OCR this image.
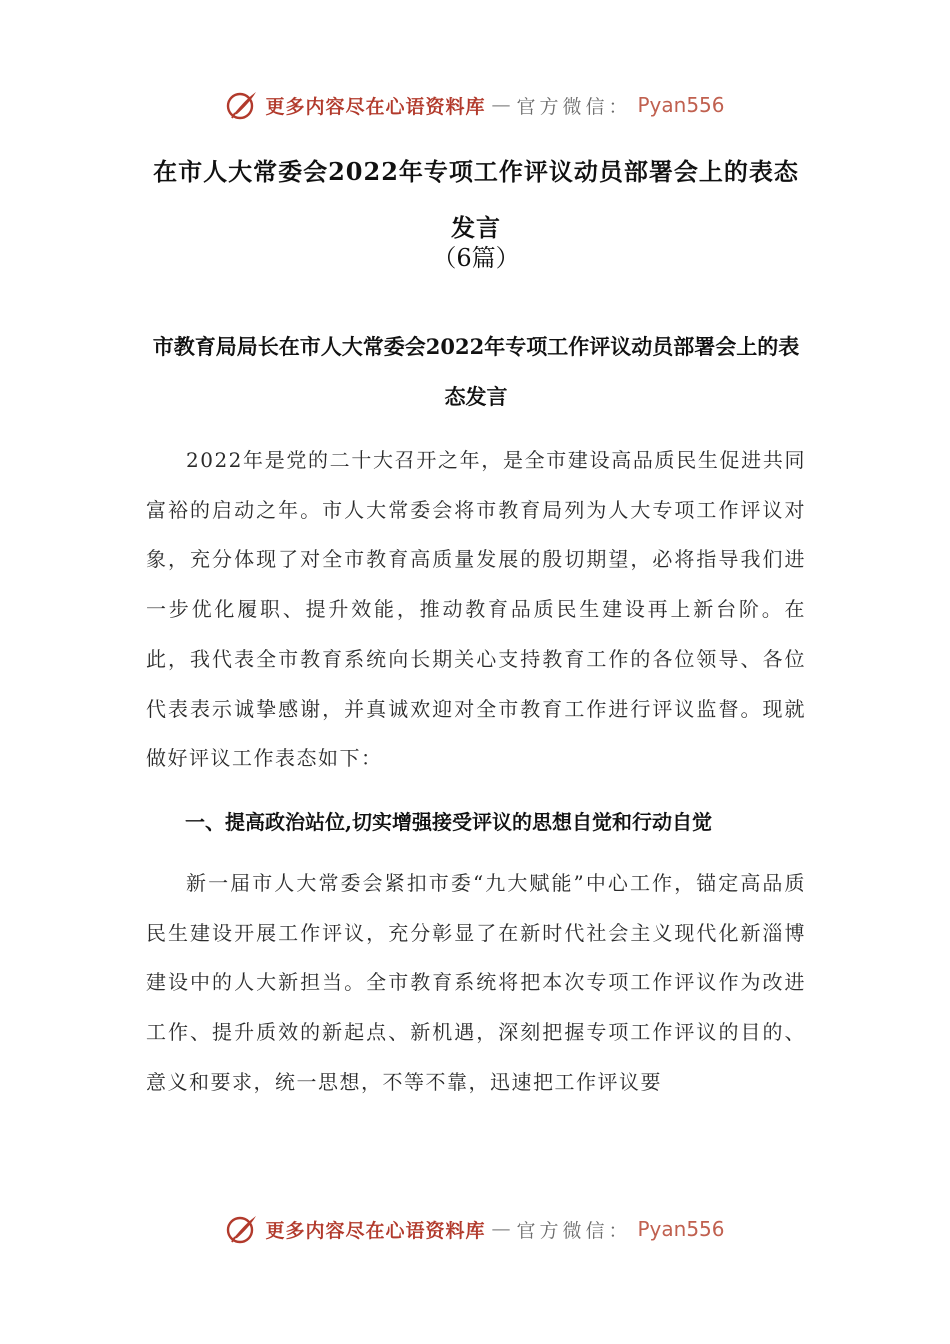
更多内容尽在心语资料库 — 官方微信： Pyan556
在市人大常委会2022年专项工作评议动员部署会上的表态发言
（6篇）
市教育局局长在市人大常委会2022年专项工作评议动员部署会上的表态发言
2022年是党的二十大召开之年，是全市建设高品质民生促进共同富裕的启动之年。市人大常委会将市教育局列为人大专项工作评议对象，充分体现了对全市教育高质量发展的殷切期望，必将指导我们进一步优化履职、提升效能，推动教育品质民生建设再上新台阶。在此，我代表全市教育系统向长期关心支持教育工作的各位领导、各位代表表示诚挚感谢，并真诚欢迎对全市教育工作进行评议监督。现就做好评议工作表态如下：
一、提高政治站位,切实增强接受评议的思想自觉和行动自觉
新一届市人大常委会紧扣市委“九大赋能”中心工作，锚定高品质民生建设开展工作评议，充分彰显了在新时代社会主义现代化新淄博建设中的人大新担当。全市教育系统将把本次专项工作评议作为改进工作、提升质效的新起点、新机遇，深刻把握专项工作评议的目的、意义和要求，统一思想，不等不靠，迅速把工作评议要
更多内容尽在心语资料库 — 官方微信： Pyan556
